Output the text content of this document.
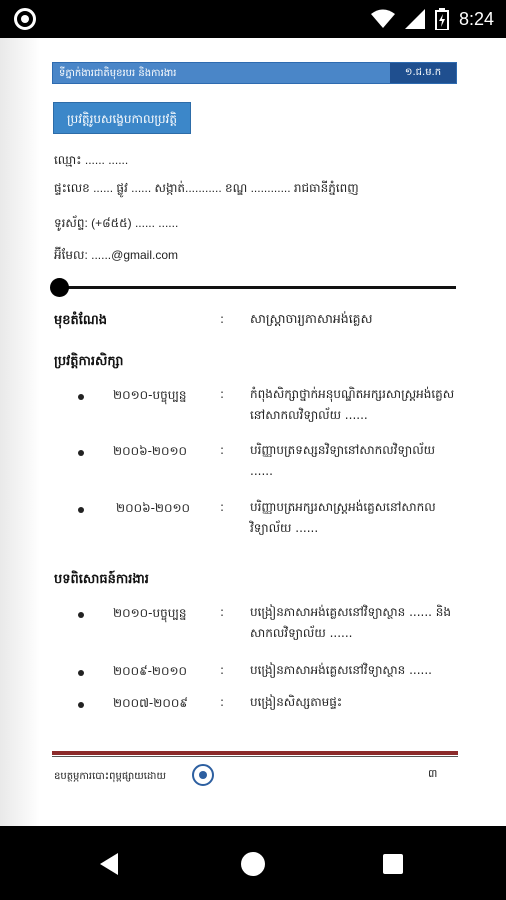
8:24
ទីភ្នាក់ងារជាតិមុខរបរ និងការងារ	១.ជ.ម.ក
ប្រវត្តិរូបសង្ខេបកាលប្រវត្តិ
ឈ្មោះ ...... ......
ផ្ទះលេខ ...... ផ្លូវ ...... សង្កាត់........... ខណ្ឌ ............ រាជធានីភ្នំពេញ
ទូរស័ព្ទ: (+៨៥៥) ...... ......
អ៊ីមែល: ......@gmail.com
មុខតំណែង	: សាស្ត្រាចារ្យភាសាអង់គ្លេស
ប្រវត្តិការសិក្សា
២០១០-បច្ចុប្បន្ន	: កំពុងសិក្សាថ្នាក់អនុបណ្ឌិតអក្សរសាស្ត្រអង់គ្លេសនៅសាកលវិទ្យាល័យ ......
២០០៦-២០១០	: បរិញ្ញាបត្រទស្សនវិទ្យានៅសាកលវិទ្យាល័យ ......
២០០៦-២០១០ : បរិញ្ញាបត្រអក្សរសាស្ត្រអង់គ្លេសនៅសាកលវិទ្យាល័យ ......
បទពិសោធន៍ការងារ
២០១០-បច្ចុប្បន្ន	: បង្រៀនភាសាអង់គ្លេសនៅវិទ្យាស្ថាន ...... និងសាកលវិទ្យាល័យ ......
២០០៩-២០១០	: បង្រៀនភាសាអង់គ្លេសនៅវិទ្យាស្ថាន ......
២០០៧-២០០៩	: បង្រៀនសិស្សតាមផ្ទះ
ឧបត្ថម្ភការបោះពុម្ពផ្សាយដោយ	៣
